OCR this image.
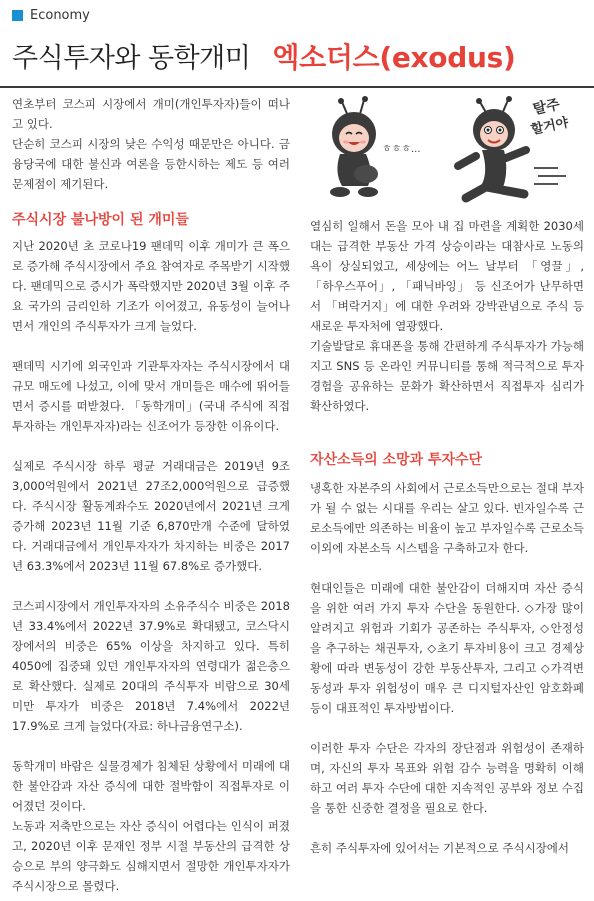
Economy
주식투자와 동학개미 엑소더스(exodus)

연초부터 코스피 시장에서 개미(개인투자자)들이 떠나고 있다.

단순히 코스피 시장의 낮은 수익성 때문만은 아니다. 금융당국에 대한 불신과 여론을 등한시하는 제도 등 여러 문제점이 제기된다.

주식시장 불나방이 된 개미들

지난 2020년 초 코로나19 팬데믹 이후 개미가 큰 폭으로 증가해 주식시장에서 주요 참여자로 주목받기 시작했다. 팬데믹으로 증시가 폭락했지만 2020년 3월 이후 주요 국가의 금리인하 기조가 이어졌고, 유동성이 늘어나면서 개인의 주식투자가 크게 늘었다.

팬데믹 시기에 외국인과 기관투자자는 주식시장에서 대규모 매도에 나섰고, 이에 맞서 개미들은 매수에 뛰어들면서 증시를 떠받쳤다. 「동학개미」(국내 주식에 직접 투자하는 개인투자자)라는 신조어가 등장한 이유이다.

실제로 주식시장 하루 평균 거래대금은 2019년 9조 3,000억원에서 2021년 27조2,000억원으로 급증했다. 주식시장 활동계좌수도 2020년에서 2021년 크게 증가해 2023년 11월 기준 6,870만개 수준에 달하였다. 거래대금에서 개인투자자가 차지하는 비중은 2017년 63.3%에서 2023년 11월 67.8%로 증가했다.

코스피시장에서 개인투자자의 소유주식수 비중은 2018년 33.4%에서 2022년 37.9%로 확대됐고, 코스닥시장에서의 비중은 65% 이상을 차지하고 있다. 특히 4050에 집중돼 있던 개인투자자의 연령대가 젊은층으로 확산했다. 실제로 20대의 주식투자 비람으로 30세 미만 투자가 비중은 2018년 7.4%에서 2022년 17.9%로 크게 늘었다(자료: 하나금융연구소).

동학개미 바람은 실물경제가 침체된 상황에서 미래에 대한 불안감과 자산 증식에 대한 절박함이 직접투자로 이어졌던 것이다.

노동과 저축만으로는 자산 증식이 어렵다는 인식이 퍼졌고, 2020년 이후 문재인 정부 시절 부동산의 급격한 상승으로 부의 양극화도 심해지면서 절망한 개인투자자가 주식시장으로 몰렸다.

ㅎㅎㅎ...
탈주
할거야

열심히 일해서 돈을 모아 내 집 마련을 계획한 2030세대는 급격한 부동산 가격 상승이라는 대참사로 노동의 욕이 상실되었고, 세상에는 어느 날부터 「영끌」, 「하우스푸어」, 「패닉바잉」 등 신조어가 난무하면서 「벼락거지」에 대한 우려와 강박관념으로 주식 등 새로운 투자처에 열광했다.

기술발달로 휴대폰을 통해 간편하게 주식투자가 가능해지고 SNS 등 온라인 커뮤니티를 통해 적극적으로 투자 경험을 공유하는 문화가 확산하면서 직접투자 심리가 확산하였다.

자산소득의 소망과 투자수단

냉혹한 자본주의 사회에서 근로소득만으로는 절대 부자가 될 수 없는 시대를 우리는 살고 있다. 빈자일수록 근로소득에만 의존하는 비율이 높고 부자일수록 근로소득이외에 자본소득 시스템을 구축하고자 한다.

현대인들은 미래에 대한 불안감이 더해지며 자산 증식을 위한 여러 가지 투자 수단을 동원한다. ◇가장 많이 알려지고 위험과 기회가 공존하는 주식투자, ◇안정성을 추구하는 채권투자, ◇초기 투자비용이 크고 경제상황에 따라 변동성이 강한 부동산투자, 그리고 ◇가격변동성과 투자 위험성이 매우 큰 디지털자산인 암호화폐 등이 대표적인 투자방법이다.

이러한 투자 수단은 각자의 장단점과 위험성이 존재하며, 자신의 투자 목표와 위험 감수 능력을 명확히 이해하고 여러 투자 수단에 대한 지속적인 공부와 정보 수집을 통한 신중한 결정을 필요로 한다.

흔히 주식투자에 있어서는 기본적으로 주식시장에서
